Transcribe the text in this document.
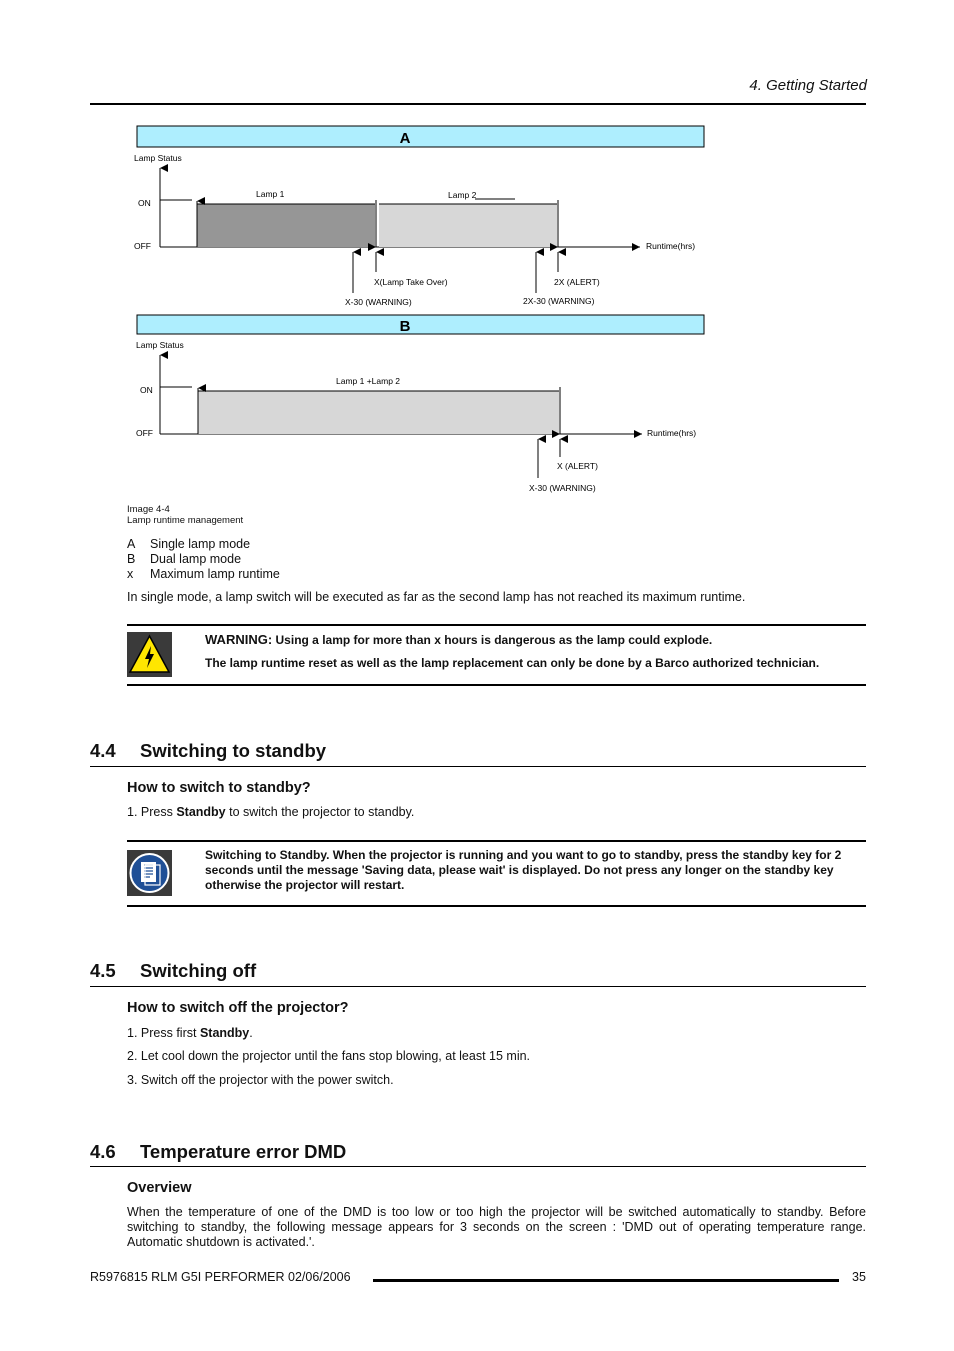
4. Getting Started
A
Lamp Status
ON
OFF
Lamp 1	Lamp 2
Runtime(hrs)
X(Lamp Take Over)	2X (ALERT)
X-30 (WARNING)	2X-30 (WARNING)
B
Lamp Status
ON
OFF
Lamp 1 +Lamp 2
Runtime(hrs)
X (ALERT)
X-30 (WARNING)
Image 4-4
Lamp runtime management
A Single lamp mode
B Dual lamp mode
x Maximum lamp runtime
In single mode, a lamp switch will be executed as far as the second lamp has not reached its maximum runtime.
WARNING: Using a lamp for more than x hours is dangerous as the lamp could explode.
The lamp runtime reset as well as the lamp replacement can only be done by a Barco authorized technician.
4.4 Switching to standby
How to switch to standby?
1. Press Standby to switch the projector to standby.
Switching to Standby. When the projector is running and you want to go to standby, press the standby key for 2 seconds until the message 'Saving data, please wait' is displayed. Do not press any longer on the standby key otherwise the projector will restart.
4.5 Switching off
How to switch off the projector?
1. Press first Standby.
2. Let cool down the projector until the fans stop blowing, at least 15 min.
3. Switch off the projector with the power switch.
4.6 Temperature error DMD
Overview
When the temperature of one of the DMD is too low or too high the projector will be switched automatically to standby. Before switching to standby, the following message appears for 3 seconds on the screen : 'DMD out of operating temperature range. Automatic shutdown is activated.'.
R5976815 RLM G5I PERFORMER 02/06/2006	35
